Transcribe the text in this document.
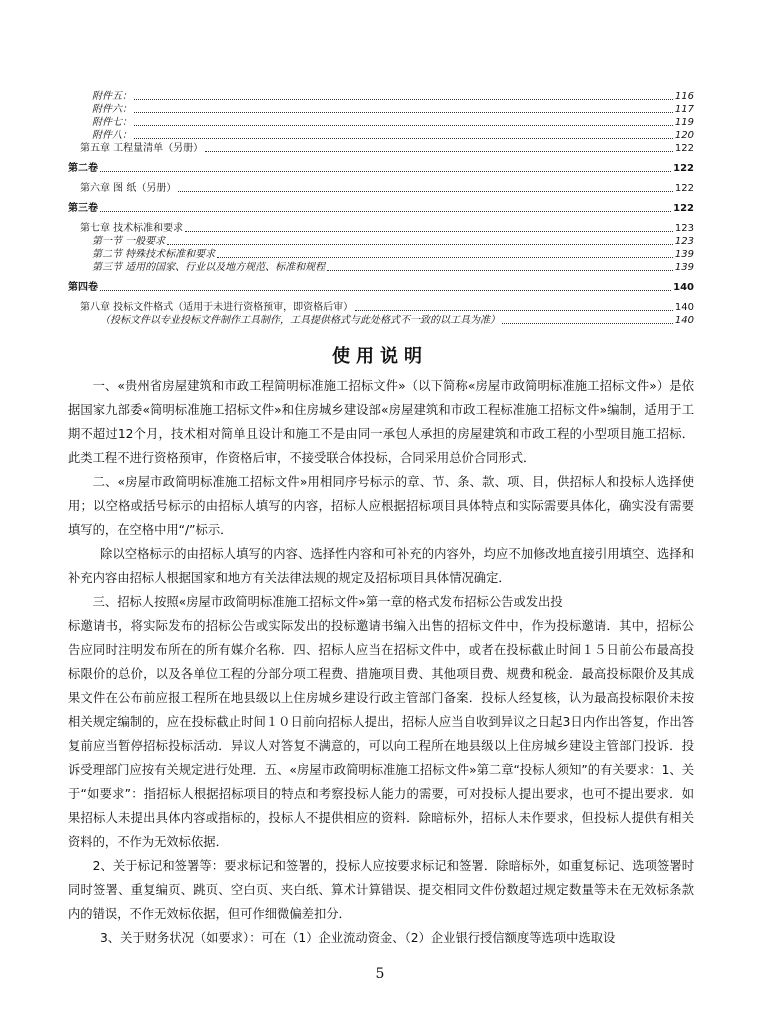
附件五：	116
附件六：	117
附件七：	119
附件八：	120
第五章 工程量清单（另册）	122
第二卷	122
第六章 图 纸（另册）	122
第三卷	122
第七章 技术标准和要求	123
第一节 一般要求	123
第二节 特殊技术标准和要求	139
第三节 适用的国家、行业以及地方规范、标准和规程	139
第四卷	140
第八章 投标文件格式（适用于未进行资格预审，即资格后审）	140
（投标文件以专业投标文件制作工具制作，工具提供格式与此处格式不一致的以工具为准）	140
使用说明

一、«贵州省房屋建筑和市政工程简明标准施工招标文件»（以下简称«房屋市政简明标准施工招标文件»）是依据国家九部委«简明标准施工招标文件»和住房城乡建设部«房屋建筑和市政工程标准施工招标文件»编制，适用于工期不超过12个月，技术相对简单且设计和施工不是由同一承包人承担的房屋建筑和市政工程的小型项目施工招标．此类工程不进行资格预审，作资格后审，不接受联合体投标，合同采用总价合同形式．

二、«房屋市政简明标准施工招标文件»用相同序号标示的章、节、条、款、项、目，供招标人和投标人选择使用；以空格或括号标示的由招标人填写的内容，招标人应根据招标项目具体特点和实际需要具体化，确实没有需要填写的，在空格中用“/”标示．

除以空格标示的由招标人填写的内容、选择性内容和可补充的内容外，均应不加修改地直接引用填空、选择和补充内容由招标人根据国家和地方有关法律法规的规定及招标项目具体情况确定．

三、招标人按照«房屋市政简明标准施工招标文件»第一章的格式发布招标公告或发出投

标邀请书，将实际发布的招标公告或实际发出的投标邀请书编入出售的招标文件中，作为投标邀请．其中，招标公告应同时注明发布所在的所有媒介名称．四、招标人应当在招标文件中，或者在投标截止时间１５日前公布最高投标限价的总价，以及各单位工程的分部分项工程费、措施项目费、其他项目费、规费和税金．最高投标限价及其成果文件在公布前应报工程所在地县级以上住房城乡建设行政主管部门备案．投标人经复核，认为最高投标限价未按相关规定编制的，应在投标截止时间１０日前向招标人提出，招标人应当自收到异议之日起3日内作出答复，作出答复前应当暂停招标投标活动．异议人对答复不满意的，可以向工程所在地县级以上住房城乡建设主管部门投诉．投诉受理部门应按有关规定进行处理．五、«房屋市政简明标准施工招标文件»第二章“投标人须知”的有关要求：1、关于“如要求”：指招标人根据招标项目的特点和考察投标人能力的需要，可对投标人提出要求，也可不提出要求．如果招标人未提出具体内容或指标的，投标人不提供相应的资料．除暗标外，招标人未作要求，但投标人提供有相关资料的，不作为无效标依据．

2、关于标记和签署等：要求标记和签署的，投标人应按要求标记和签署．除暗标外，如重复标记、选项签署时同时签署、重复编页、跳页、空白页、夹白纸、算术计算错误、提交相同文件份数超过规定数量等未在无效标条款内的错误，不作无效标依据，但可作细微偏差扣分．

3、关于财务状况（如要求）：可在（1）企业流动资金、（2）企业银行授信额度等选项中选取设

5
